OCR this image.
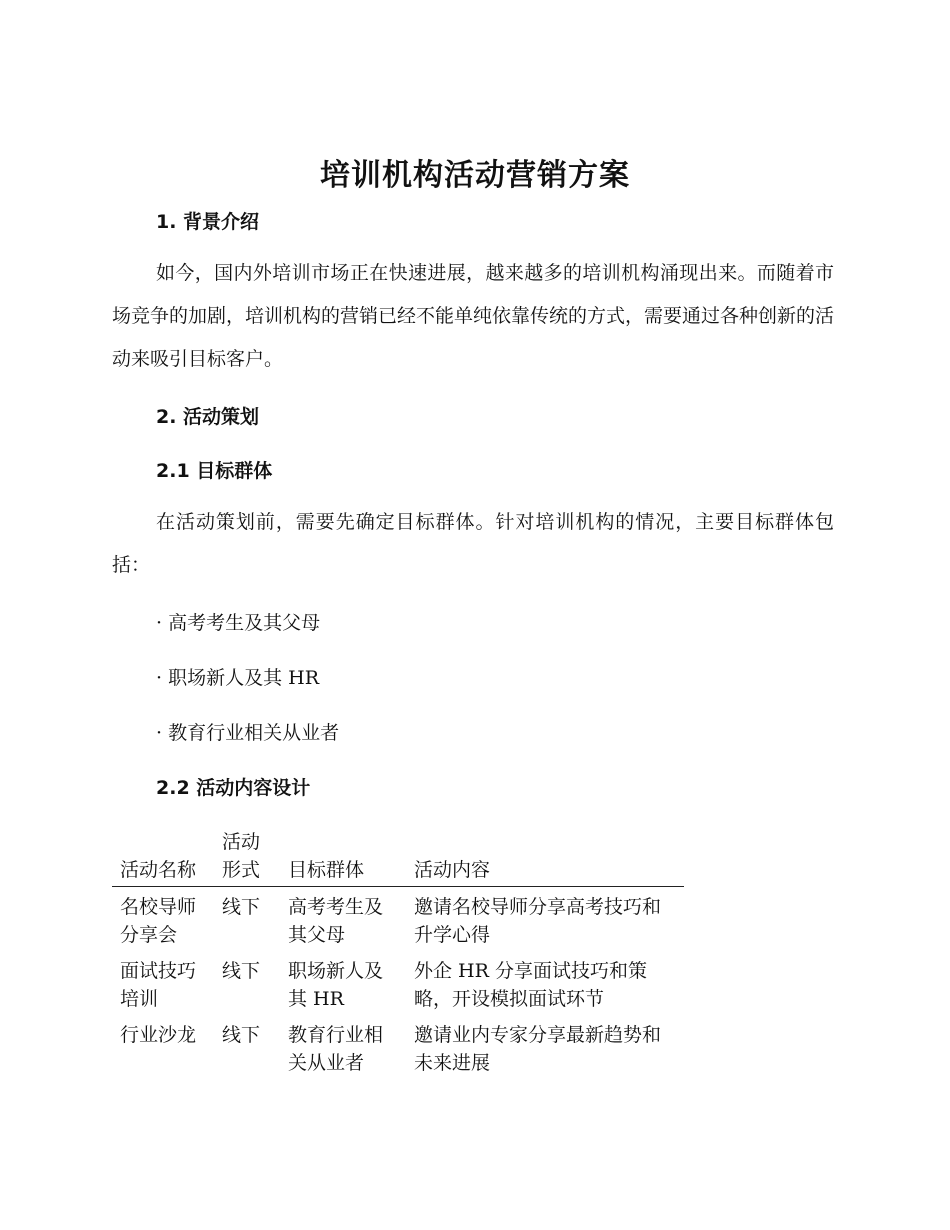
培训机构活动营销方案
1. 背景介绍
如今，国内外培训市场正在快速进展，越来越多的培训机构涌现出来。而随着市场竞争的加剧，培训机构的营销已经不能单纯依靠传统的方式，需要通过各种创新的活动来吸引目标客户。
2. 活动策划
2.1 目标群体
在活动策划前，需要先确定目标群体。针对培训机构的情况，主要目标群体包括：
· 高考考生及其父母
· 职场新人及其 HR
· 教育行业相关从业者
2.2 活动内容设计
活动名称	活动形式	目标群体	活动内容
名校导师分享会	线下	高考考生及其父母	邀请名校导师分享高考技巧和升学心得
面试技巧培训	线下	职场新人及其 HR	外企 HR 分享面试技巧和策略，开设模拟面试环节
行业沙龙	线下	教育行业相关从业者	邀请业内专家分享最新趋势和未来进展
